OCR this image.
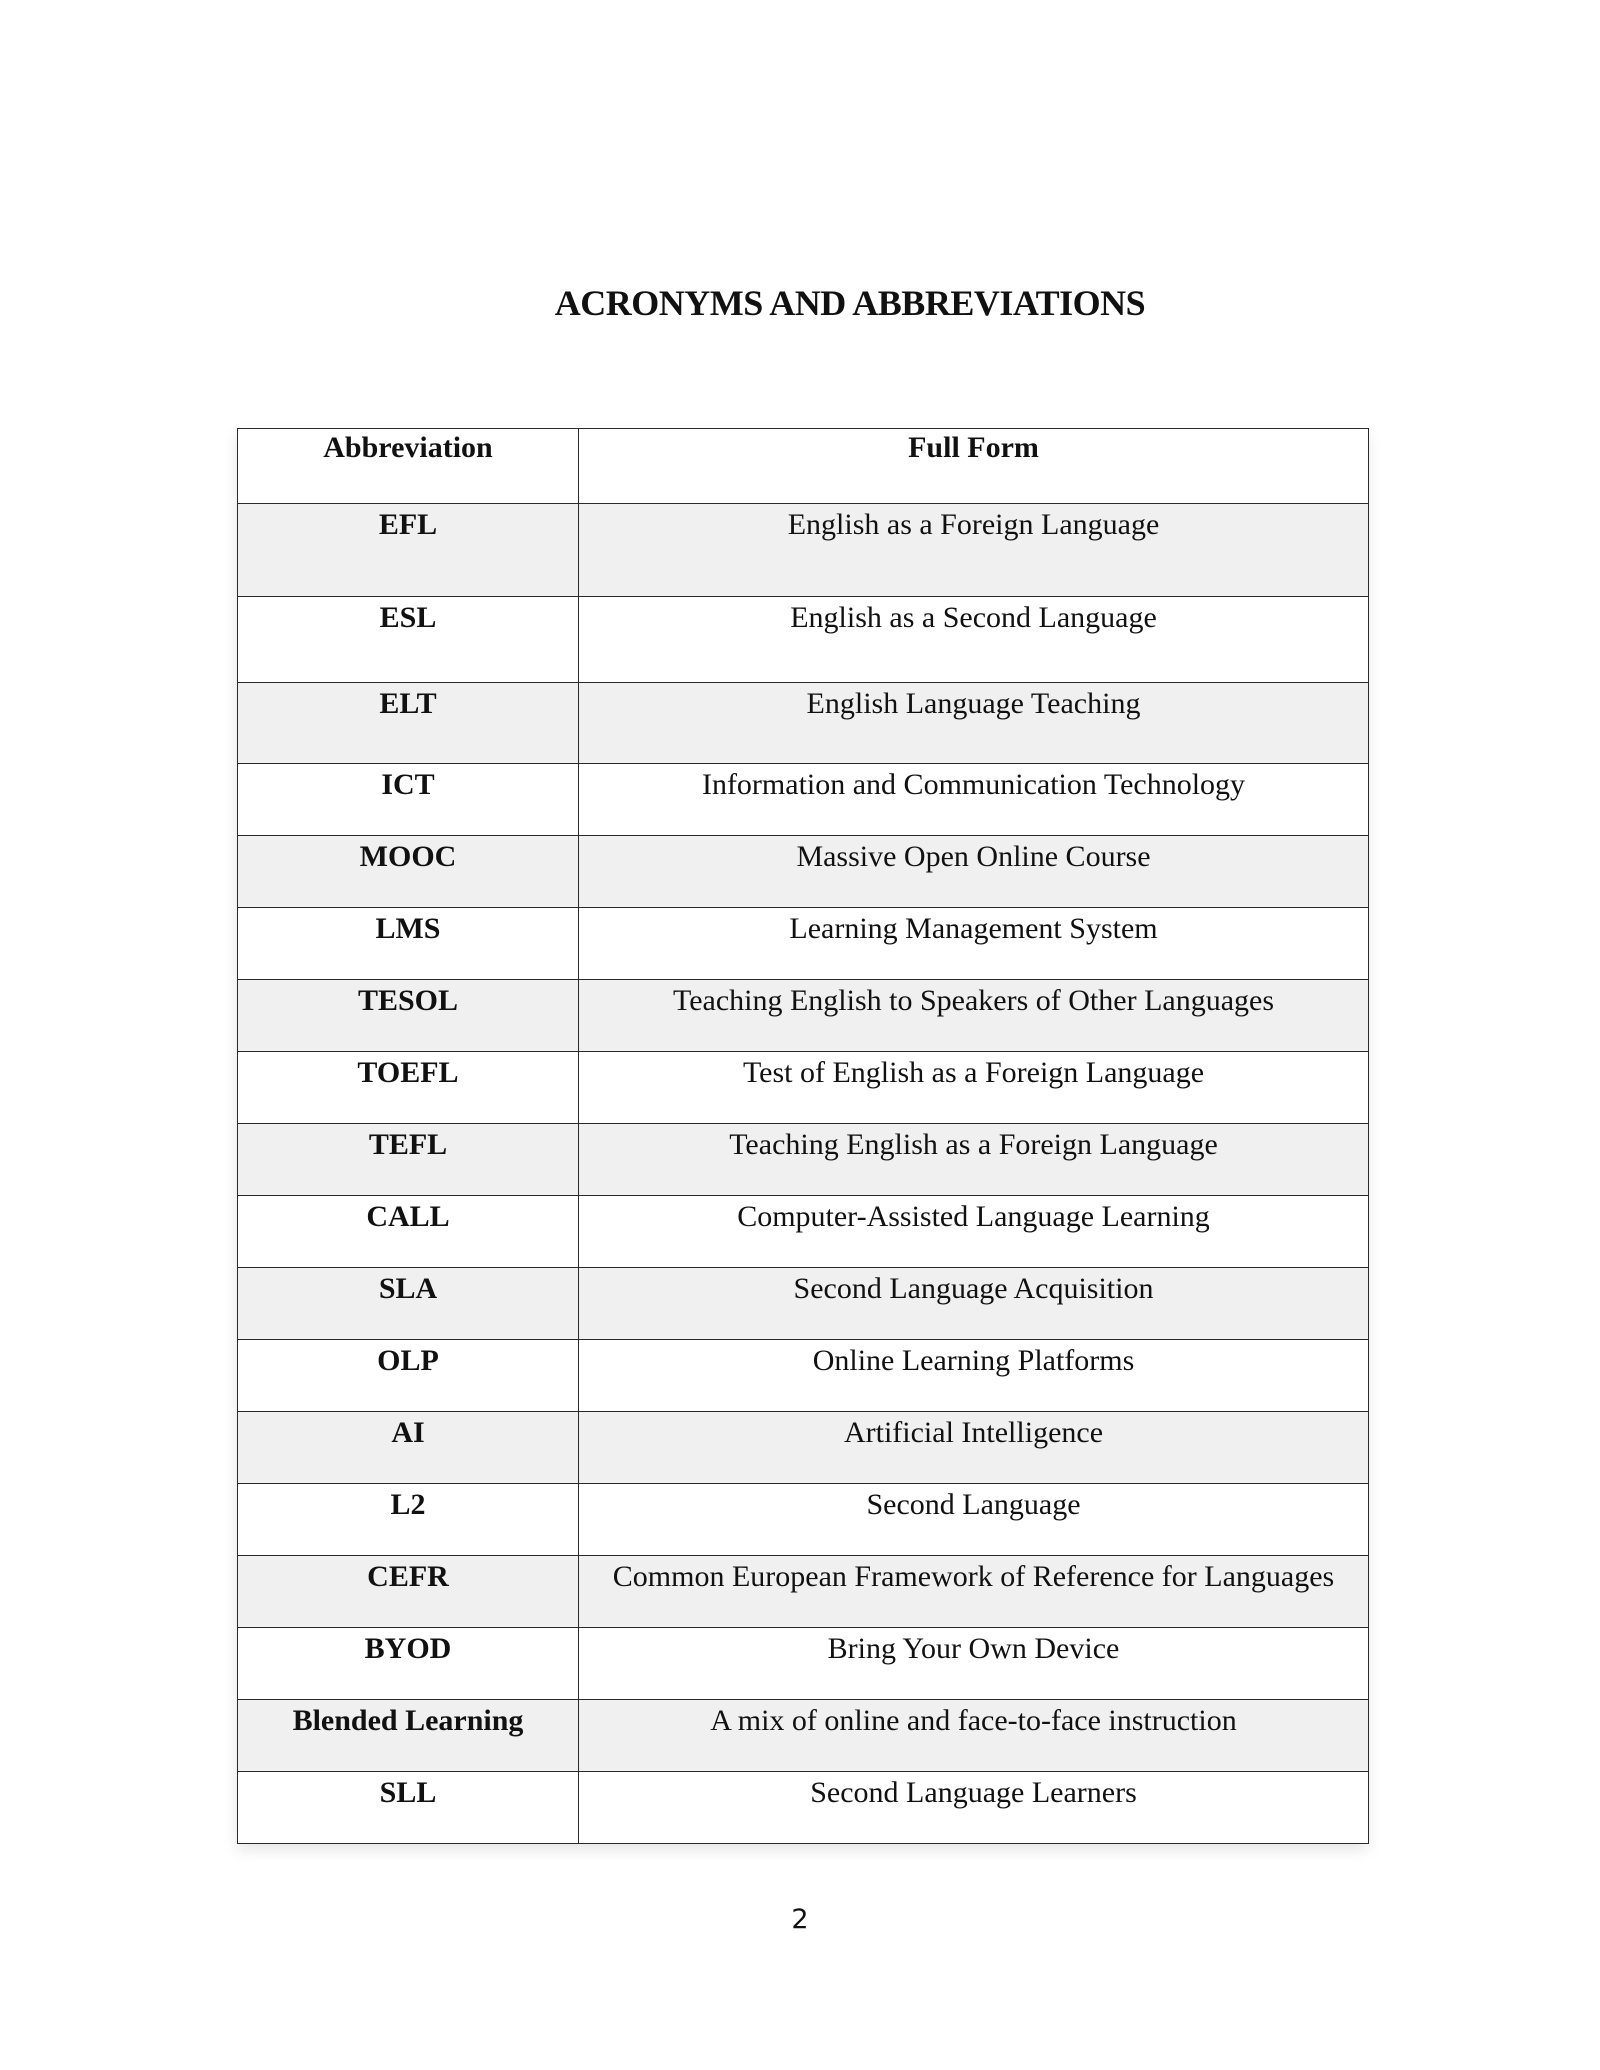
ACRONYMS AND ABBREVIATIONS
Abbreviation	Full Form
EFL	English as a Foreign Language
ESL	English as a Second Language
ELT	English Language Teaching
ICT	Information and Communication Technology
MOOC	Massive Open Online Course
LMS	Learning Management System
TESOL	Teaching English to Speakers of Other Languages
TOEFL	Test of English as a Foreign Language
TEFL	Teaching English as a Foreign Language
CALL	Computer-Assisted Language Learning
SLA	Second Language Acquisition
OLP	Online Learning Platforms
AI	Artificial Intelligence
L2	Second Language
CEFR	Common European Framework of Reference for Languages
BYOD	Bring Your Own Device
Blended Learning	A mix of online and face-to-face instruction
SLL	Second Language Learners
2
